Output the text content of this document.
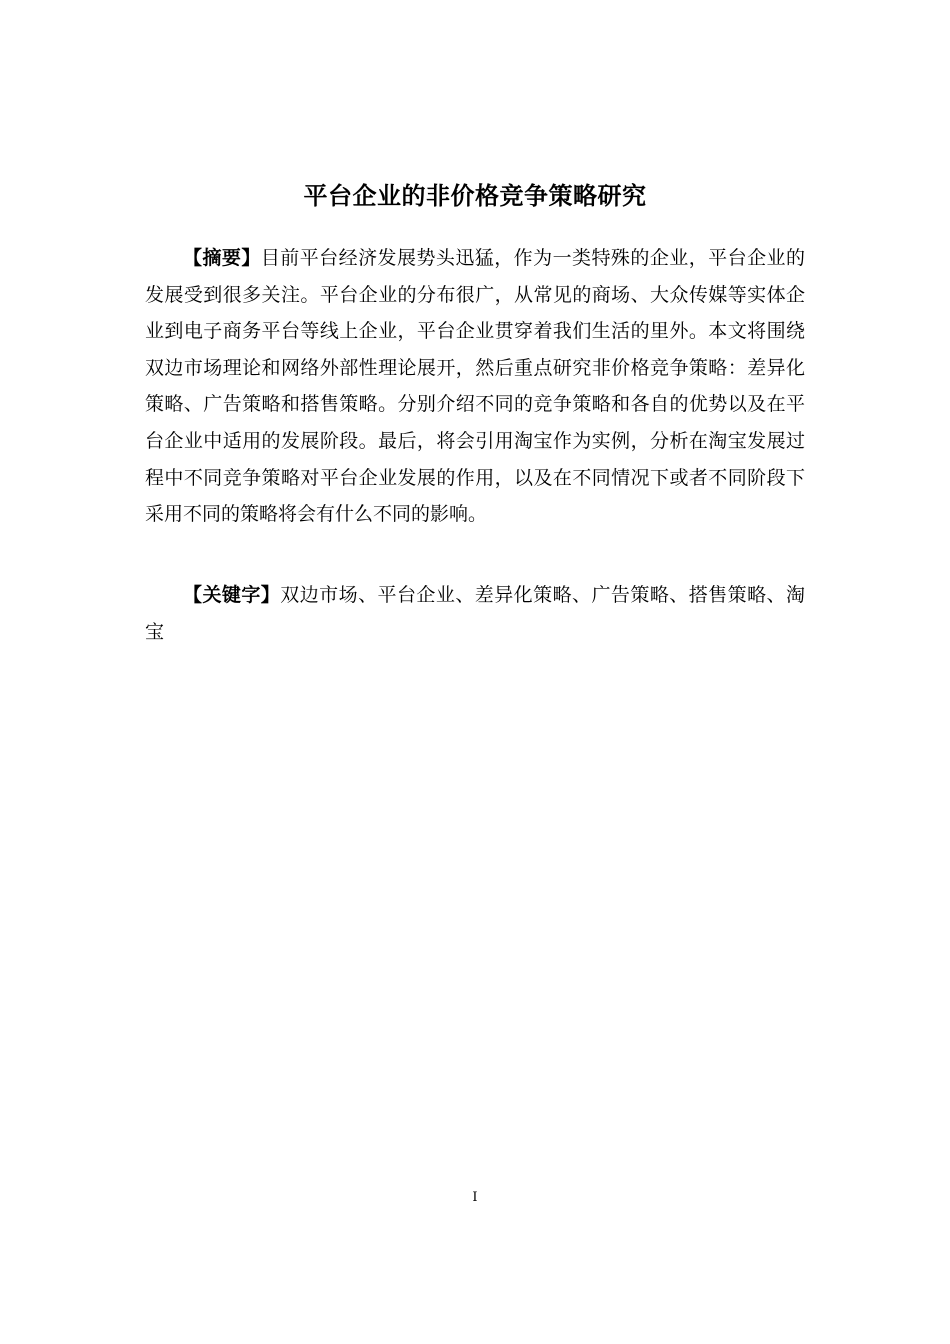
平台企业的非价格竞争策略研究

【摘要】目前平台经济发展势头迅猛，作为一类特殊的企业，平台企业的发展受到很多关注。平台企业的分布很广，从常见的商场、大众传媒等实体企业到电子商务平台等线上企业，平台企业贯穿着我们生活的里外。本文将围绕双边市场理论和网络外部性理论展开，然后重点研究非价格竞争策略：差异化策略、广告策略和搭售策略。分别介绍不同的竞争策略和各自的优势以及在平台企业中适用的发展阶段。最后，将会引用淘宝作为实例，分析在淘宝发展过程中不同竞争策略对平台企业发展的作用，以及在不同情况下或者不同阶段下采用不同的策略将会有什么不同的影响。

【关键字】双边市场、平台企业、差异化策略、广告策略、搭售策略、淘宝

I
